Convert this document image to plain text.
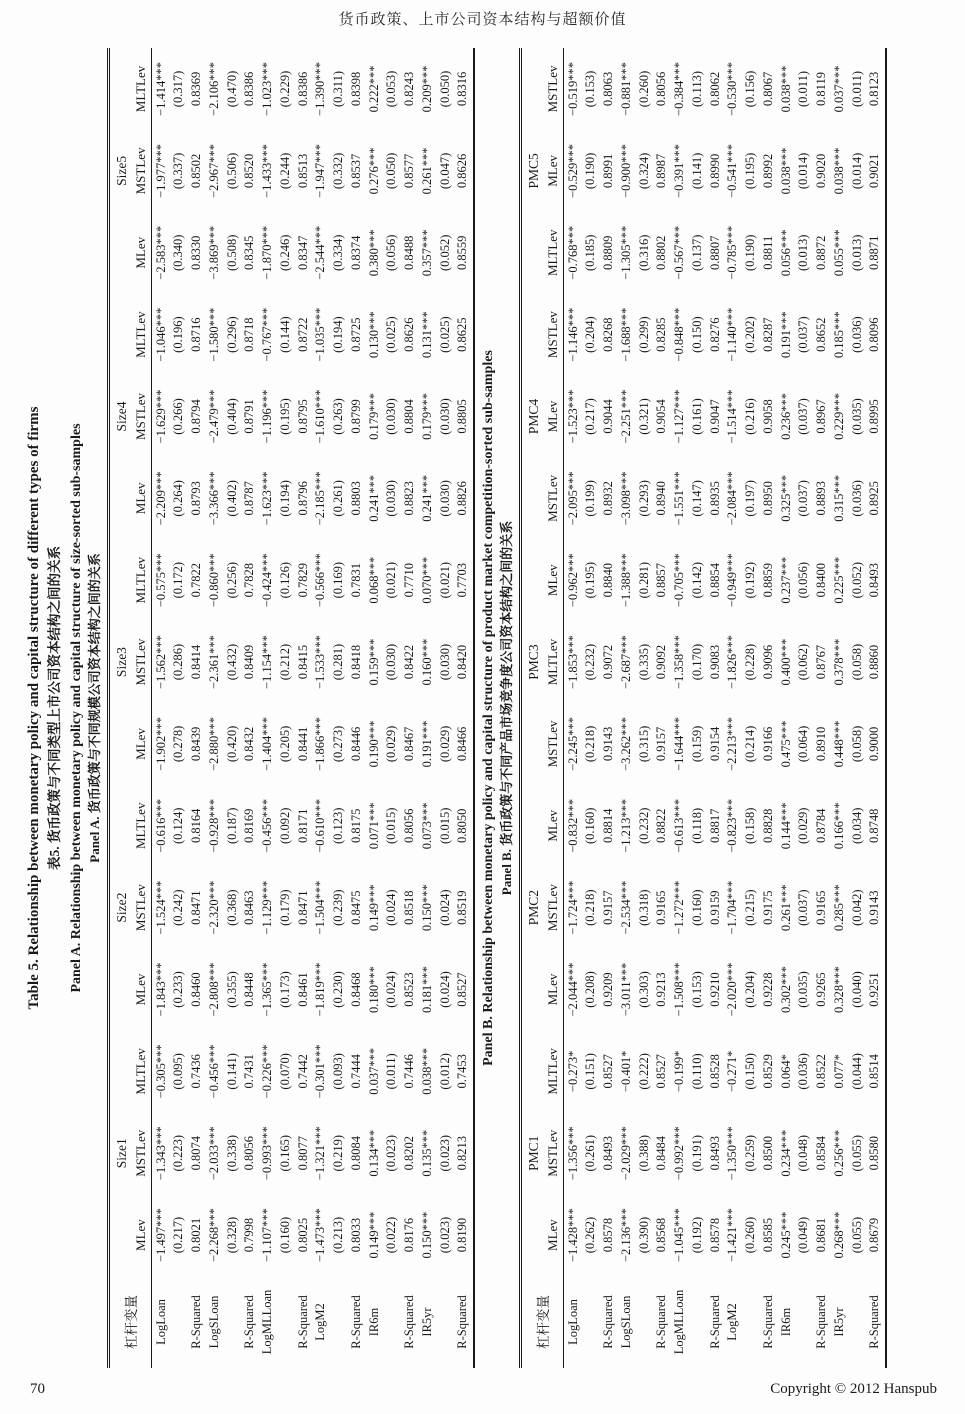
货币政策、上市公司资本结构与超额价值
Table 5. Relationship between monetary policy and capital structure of different types of firms 表5. 货币政策与不同类型上市公司资本结构之间的关系 Panel A. Relationship between monetary policy and capital structure of size-sorted sub-samples Panel A. 货币政策与不同规模公司资本结构之间的关系
杠杆变量	Size1			Size2			Size3			Size4			Size5		
	MLev	MSTLev	MLTLev	MLev	MSTLev	MLTLev	MLev	MSTLev	MLTLev	MLev	MSTLev	MLTLev	MLev	MSTLev	MLTLev
LogLoan	−1.497***	−1.343***	−0.305***	−1.843***	−1.524***	−0.616***	−1.902***	−1.562***	−0.575***	−2.209***	−1.629***	−1.046***	−2.583***	−1.977***	−1.414***
	(0.217)	(0.223)	(0.095)	(0.233)	(0.242)	(0.124)	(0.278)	(0.286)	(0.172)	(0.264)	(0.266)	(0.196)	(0.340)	(0.337)	(0.317)
R-Squared	0.8021	0.8074	0.7436	0.8460	0.8471	0.8164	0.8439	0.8414	0.7822	0.8793	0.8794	0.8716	0.8330	0.8502	0.8369
LogSLoan	−2.268***	−2.033***	−0.456***	−2.808***	−2.320***	−0.928***	−2.880***	−2.361***	−0.860***	−3.366***	−2.479***	−1.580***	−3.869***	−2.967***	−2.106***
	(0.328)	(0.338)	(0.141)	(0.355)	(0.368)	(0.187)	(0.420)	(0.432)	(0.256)	(0.402)	(0.404)	(0.296)	(0.508)	(0.506)	(0.470)
R-Squared	0.7998	0.8056	0.7431	0.8448	0.8463	0.8169	0.8432	0.8409	0.7828	0.8787	0.8791	0.8718	0.8345	0.8520	0.8386
LogMLLoan	−1.107***	−0.993***	−0.226***	−1.365***	−1.129***	−0.456***	−1.404***	−1.154***	−0.424***	−1.623***	−1.196***	−0.767***	−1.870***	−1.433***	−1.023***
	(0.160)	(0.165)	(0.070)	(0.173)	(0.179)	(0.092)	(0.205)	(0.212)	(0.126)	(0.194)	(0.195)	(0.144)	(0.246)	(0.244)	(0.229)
R-Squared	0.8025	0.8077	0.7442	0.8461	0.8471	0.8171	0.8441	0.8415	0.7829	0.8796	0.8795	0.8722	0.8347	0.8513	0.8386
LogM2	−1.473***	−1.321***	−0.301***	−1.819***	−1.504***	−0.610***	−1.866***	−1.533***	−0.566***	−2.185***	−1.610***	−1.035***	−2.544***	−1.947***	−1.390***
	(0.213)	(0.219)	(0.093)	(0.230)	(0.239)	(0.123)	(0.273)	(0.281)	(0.169)	(0.261)	(0.263)	(0.194)	(0.334)	(0.332)	(0.311)
R-Squared	0.8033	0.8084	0.7444	0.8468	0.8475	0.8175	0.8446	0.8418	0.7831	0.8803	0.8799	0.8725	0.8374	0.8537	0.8398
IR6m	0.149***	0.134***	0.037***	0.180***	0.149***	0.071***	0.190***	0.159***	0.068***	0.241***	0.179***	0.130***	0.380***	0.276***	0.222***
	(0.022)	(0.023)	(0.011)	(0.024)	(0.024)	(0.015)	(0.029)	(0.030)	(0.021)	(0.030)	(0.030)	(0.025)	(0.056)	(0.050)	(0.053)
R-Squared	0.8176	0.8202	0.7446	0.8523	0.8518	0.8056	0.8467	0.8422	0.7710	0.8823	0.8804	0.8626	0.8488	0.8577	0.8243
IR5yr	0.150***	0.135***	0.038***	0.181***	0.150***	0.073***	0.191***	0.160***	0.070***	0.241***	0.179***	0.131***	0.357***	0.261***	0.209***
	(0.023)	(0.023)	(0.012)	(0.024)	(0.024)	(0.015)	(0.029)	(0.030)	(0.021)	(0.030)	(0.030)	(0.025)	(0.052)	(0.047)	(0.050)
R-Squared	0.8190	0.8213	0.7453	0.8527	0.8519	0.8050	0.8466	0.8420	0.7703	0.8826	0.8805	0.8625	0.8559	0.8626	0.8316
Panel B. Relationship between monetary policy and capital structure of product market competition-sorted sub-samples Panel B. 货币政策与不同产品市场竞争度公司资本结构之间的关系
杠杆变量	PMC1			PMC2			PMC3			PMC4			PMC5		
	MLev	MSTLev	MLTLev	MLev	MSTLev	MLev	MSTLev	MLTLev	MLev	MSTLev	MLev	MSTLev	MLTLev	MLev	MSTLev
LogLoan	−1.428***	−1.356***	−0.273*	−2.044***	−1.724***	−0.832***	−2.245***	−1.853***	−0.962***	−2.095***	−1.523***	−1.146***	−0.768***	−0.529***	−0.519***
	(0.262)	(0.261)	(0.151)	(0.208)	(0.218)	(0.160)	(0.218)	(0.232)	(0.195)	(0.199)	(0.217)	(0.204)	(0.185)	(0.190)	(0.153)
R-Squared	0.8578	0.8493	0.8527	0.9209	0.9157	0.8814	0.9143	0.9072	0.8840	0.8932	0.9044	0.8268	0.8809	0.8991	0.8063
LogSLoan	−2.136***	−2.029***	−0.401*	−3.011***	−2.534***	−1.213***	−3.262***	−2.687***	−1.388***	−3.098***	−2.251***	−1.688***	−1.305***	−0.900***	−0.881***
	(0.390)	(0.388)	(0.222)	(0.303)	(0.318)	(0.232)	(0.315)	(0.335)	(0.281)	(0.293)	(0.321)	(0.299)	(0.316)	(0.324)	(0.260)
R-Squared	0.8568	0.8484	0.8527	0.9213	0.9165	0.8822	0.9157	0.9092	0.8857	0.8940	0.9054	0.8285	0.8802	0.8987	0.8056
LogMLLoan	−1.045***	−0.992***	−0.199*	−1.508***	−1.272***	−0.613***	−1.644***	−1.358***	−0.705***	−1.551***	−1.127***	−0.848***	−0.567***	−0.391***	−0.384***
	(0.192)	(0.191)	(0.110)	(0.153)	(0.160)	(0.118)	(0.159)	(0.170)	(0.142)	(0.147)	(0.161)	(0.150)	(0.137)	(0.141)	(0.113)
R-Squared	0.8578	0.8493	0.8528	0.9210	0.9159	0.8817	0.9154	0.9083	0.8854	0.8935	0.9047	0.8276	0.8807	0.8990	0.8062
LogM2	−1.421***	−1.350***	−0.271*	−2.020***	−1.704***	−0.823***	−2.213***	−1.826***	−0.949***	−2.084***	−1.514***	−1.140***	−0.785***	−0.541***	−0.530***
	(0.260)	(0.259)	(0.150)	(0.204)	(0.215)	(0.158)	(0.214)	(0.228)	(0.192)	(0.197)	(0.216)	(0.202)	(0.190)	(0.195)	(0.156)
R-Squared	0.8585	0.8500	0.8529	0.9228	0.9175	0.8828	0.9166	0.9096	0.8859	0.8950	0.9058	0.8287	0.8811	0.8992	0.8067
IR6m	0.245***	0.234***	0.064*	0.302***	0.261***	0.144***	0.475***	0.400***	0.237***	0.325***	0.236***	0.191***	0.056***	0.038***	0.038***
	(0.049)	(0.048)	(0.036)	(0.035)	(0.037)	(0.029)	(0.064)	(0.062)	(0.056)	(0.037)	(0.037)	(0.037)	(0.013)	(0.014)	(0.011)
R-Squared	0.8681	0.8584	0.8522	0.9265	0.9165	0.8784	0.8910	0.8767	0.8400	0.8893	0.8967	0.8652	0.8872	0.9020	0.8119
IR5yr	0.268***	0.256***	0.077*	0.328***	0.285***	0.166***	0.448***	0.378***	0.225***	0.315***	0.229***	0.185***	0.055***	0.038***	0.037***
	(0.055)	(0.055)	(0.044)	(0.040)	(0.042)	(0.034)	(0.058)	(0.058)	(0.052)	(0.036)	(0.035)	(0.036)	(0.013)	(0.014)	(0.011)
R-Squared	0.8679	0.8580	0.8514	0.9251	0.9143	0.8748	0.9000	0.8860	0.8493	0.8925	0.8995	0.8096	0.8871	0.9021	0.8123
70	Copyright © 2012 Hanspub
